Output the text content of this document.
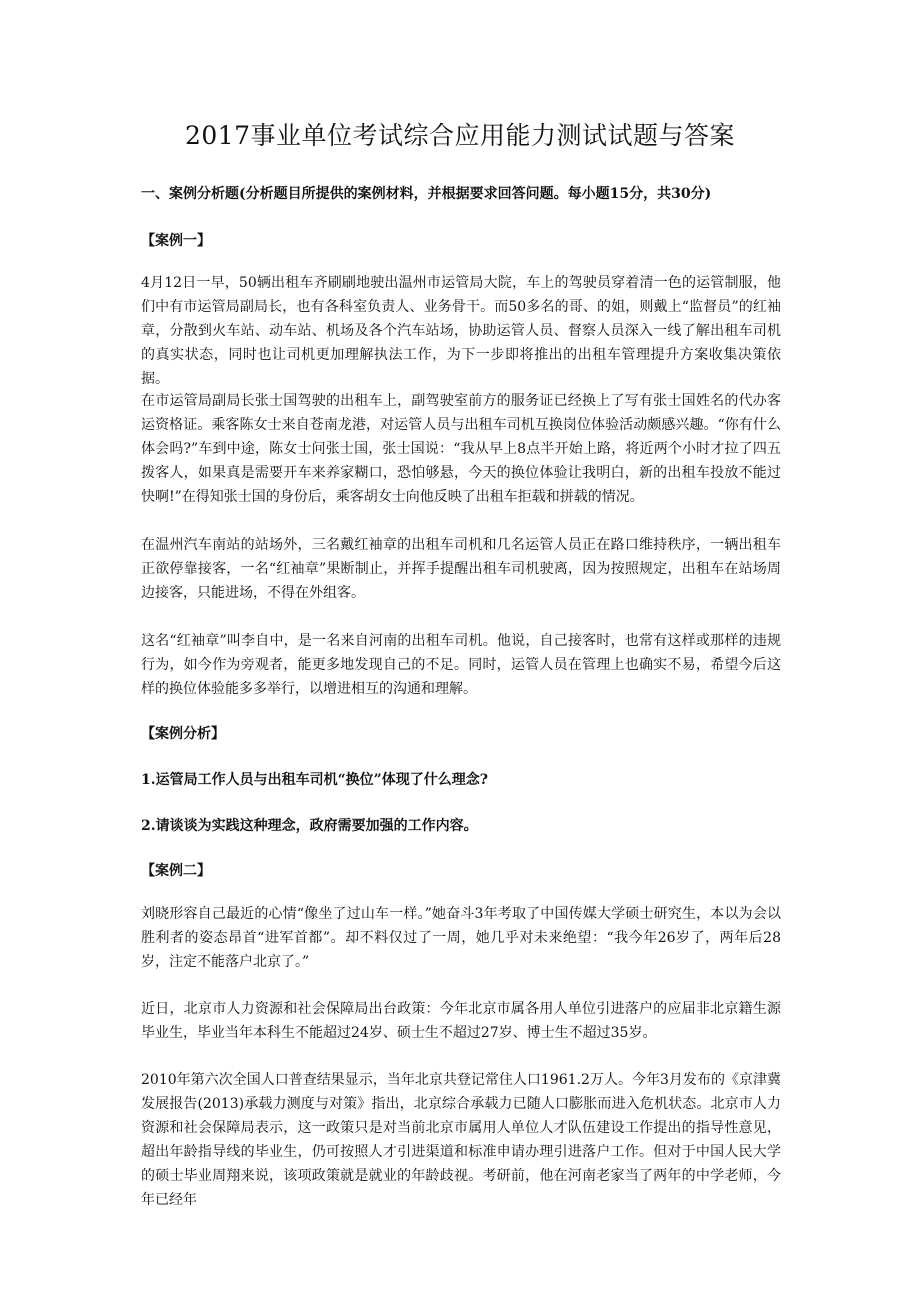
2017事业单位考试综合应用能力测试试题与答案

一、案例分析题(分析题目所提供的案例材料，并根据要求回答问题。每小题15分，共30分)

【案例一】

4月12日一早，50辆出租车齐刷刷地驶出温州市运管局大院，车上的驾驶员穿着清一色的运管制服，他们中有市运管局副局长，也有各科室负责人、业务骨干。而50多名的哥、的姐，则戴上“监督员”的红袖章，分散到火车站、动车站、机场及各个汽车站场，协助运管人员、督察人员深入一线了解出租车司机的真实状态，同时也让司机更加理解执法工作，为下一步即将推出的出租车管理提升方案收集决策依据。

在市运管局副局长张士国驾驶的出租车上，副驾驶室前方的服务证已经换上了写有张士国姓名的代办客运资格证。乘客陈女士来自苍南龙港，对运管人员与出租车司机互换岗位体验活动颇感兴趣。“你有什么体会吗?”车到中途，陈女士问张士国，张士国说：“我从早上8点半开始上路，将近两个小时才拉了四五拨客人，如果真是需要开车来养家糊口，恐怕够悬，今天的换位体验让我明白，新的出租车投放不能过快啊!”在得知张士国的身份后，乘客胡女士向他反映了出租车拒载和拼载的情况。

在温州汽车南站的站场外，三名戴红袖章的出租车司机和几名运管人员正在路口维持秩序，一辆出租车正欲停靠接客，一名“红袖章”果断制止，并挥手提醒出租车司机驶离，因为按照规定，出租车在站场周边接客，只能进场，不得在外组客。

这名“红袖章”叫李自中，是一名来自河南的出租车司机。他说，自己接客时，也常有这样或那样的违规行为，如今作为旁观者，能更多地发现自己的不足。同时，运管人员在管理上也确实不易，希望今后这样的换位体验能多多举行，以增进相互的沟通和理解。

【案例分析】

1.运管局工作人员与出租车司机“换位”体现了什么理念?

2.请谈谈为实践这种理念，政府需要加强的工作内容。

【案例二】

刘晓形容自己最近的心情“像坐了过山车一样。”她奋斗3年考取了中国传媒大学硕士研究生，本以为会以胜利者的姿态昂首“进军首都”。却不料仅过了一周，她几乎对未来绝望：“我今年26岁了，两年后28岁，注定不能落户北京了。”

近日，北京市人力资源和社会保障局出台政策：今年北京市属各用人单位引进落户的应届非北京籍生源毕业生，毕业当年本科生不能超过24岁、硕士生不超过27岁、博士生不超过35岁。

2010年第六次全国人口普查结果显示，当年北京共登记常住人口1961.2万人。今年3月发布的《京津冀发展报告(2013)承载力测度与对策》指出，北京综合承载力已随人口膨胀而进入危机状态。北京市人力资源和社会保障局表示，这一政策只是对当前北京市属用人单位人才队伍建设工作提出的指导性意见，超出年龄指导线的毕业生，仍可按照人才引进渠道和标准申请办理引进落户工作。但对于中国人民大学的硕士毕业周翔来说，该项政策就是就业的年龄歧视。考研前，他在河南老家当了两年的中学老师，今年已经年
